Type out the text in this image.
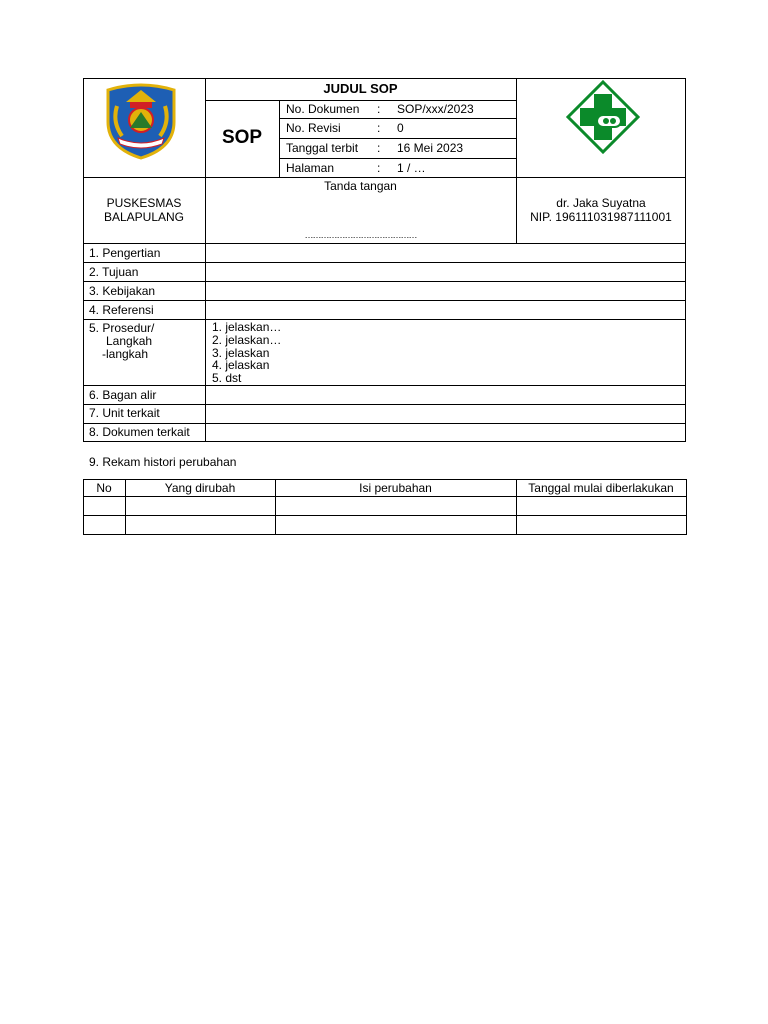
JUDUL SOP
SOP
No. Dokumen : SOP/xxx/2023
No. Revisi	: 0
Tanggal terbit : 16 Mei 2023
Halaman	: 1 / …
PUSKESMAS
BALAPULANG
Tanda tangan
……………………………………
dr. Jaka Suyatna
NIP. 196111031987111001
1. Pengertian
2. Tujuan
3. Kebijakan
4. Referensi
5. Prosedur/
Langkah
-langkah
1. jelaskan…
2. jelaskan…
3. jelaskan
4. jelaskan
5. dst
6. Bagan alir
7. Unit terkait
8. Dokumen terkait
9. Rekam histori perubahan
No	Yang dirubah	Isi perubahan	Tanggal mulai diberlakukan
